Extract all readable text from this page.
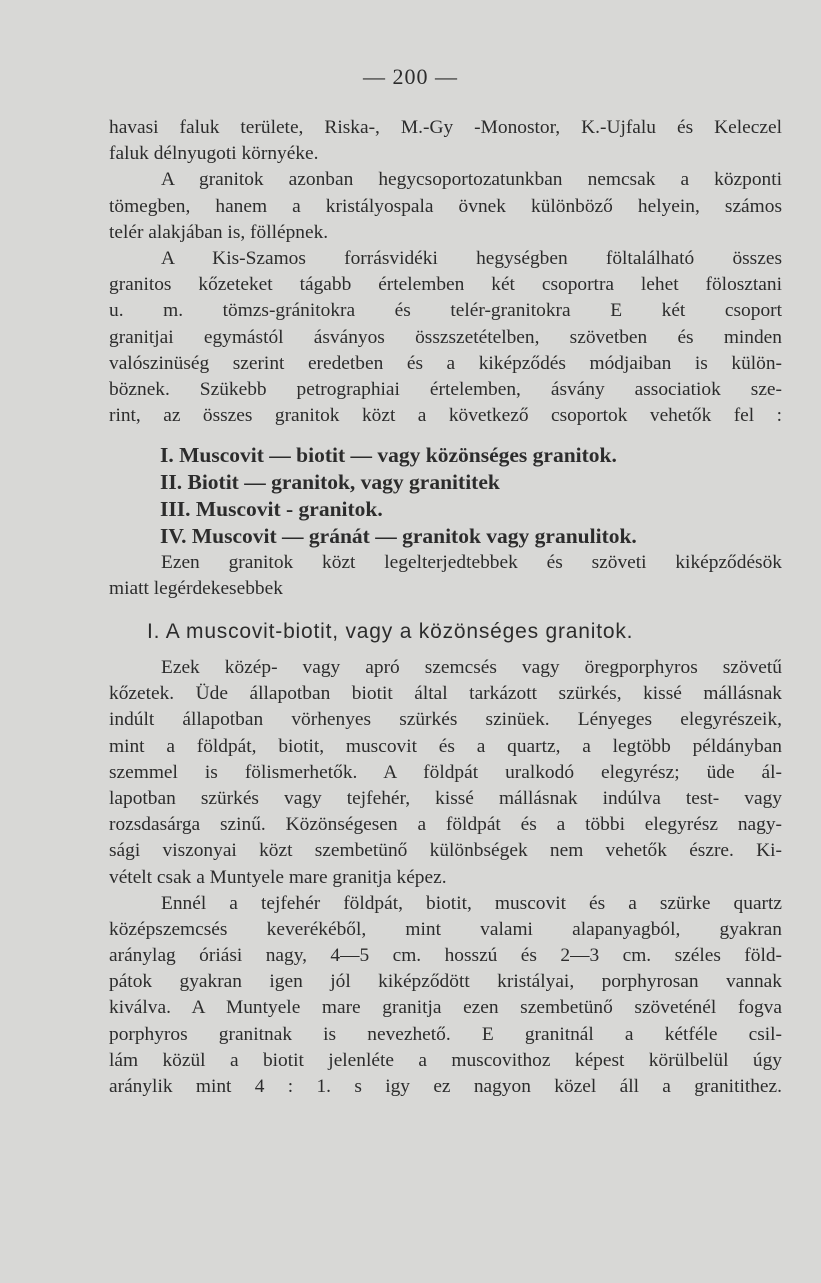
— 200 —
havasi faluk területe, Riska-, M.-Gy -Monostor, K.-Ujfalu és Keleczel
faluk délnyugoti környéke.
A granitok azonban hegycsoportozatunkban nemcsak a központi
tömegben, hanem a kristályospala övnek különböző helyein, számos
telér alakjában is, föllépnek.
A Kis-Szamos forrásvidéki hegységben föltalálható összes
granitos kőzeteket tágabb értelemben két csoportra lehet fölosztani
u. m. tömzs-gránitokra és telér-granitokra E két csoport
granitjai egymástól ásványos összszetételben, szövetben és minden
valószinüség szerint eredetben és a kiképződés módjaiban is külön-
böznek. Szükebb petrographiai értelemben, ásvány associatiok sze-
rint, az összes granitok közt a következő csoportok vehetők fel :
I. Muscovit — biotit — vagy közönséges granitok.
II. Biotit — granitok, vagy granititek
III. Muscovit - granitok.
IV. Muscovit — gránát — granitok vagy granulitok.
Ezen granitok közt legelterjedtebbek és szöveti kiképződésök
miatt legérdekesebbek
I. A muscovit-biotit, vagy a közönséges granitok.
Ezek közép- vagy apró szemcsés vagy öregporphyros szövetű
kőzetek. Üde állapotban biotit által tarkázott szürkés, kissé mállásnak
indúlt állapotban vörhenyes szürkés szinüek. Lényeges elegyrészeik,
mint a földpát, biotit, muscovit és a quartz, a legtöbb példányban
szemmel is fölismerhetők. A földpát uralkodó elegyrész; üde ál-
lapotban szürkés vagy tejfehér, kissé mállásnak indúlva test- vagy
rozsdasárga szinű. Közönségesen a földpát és a többi elegyrész nagy-
sági viszonyai közt szembetünő különbségek nem vehetők észre. Ki-
vételt csak a Muntyele mare granitja képez.
Ennél a tejfehér földpát, biotit, muscovit és a szürke quartz
középszemcsés keverékéből, mint valami alapanyagból, gyakran
aránylag óriási nagy, 4—5 cm. hosszú és 2—3 cm. széles föld-
pátok gyakran igen jól kiképződött kristályai, porphyrosan vannak
kiválva. A Muntyele mare granitja ezen szembetünő szöveténél fogva
porphyros granitnak is nevezhető. E granitnál a kétféle csil-
lám közül a biotit jelenléte a muscovithoz képest körülbelül úgy
aránylik mint 4 : 1. s igy ez nagyon közel áll a granitithez.
